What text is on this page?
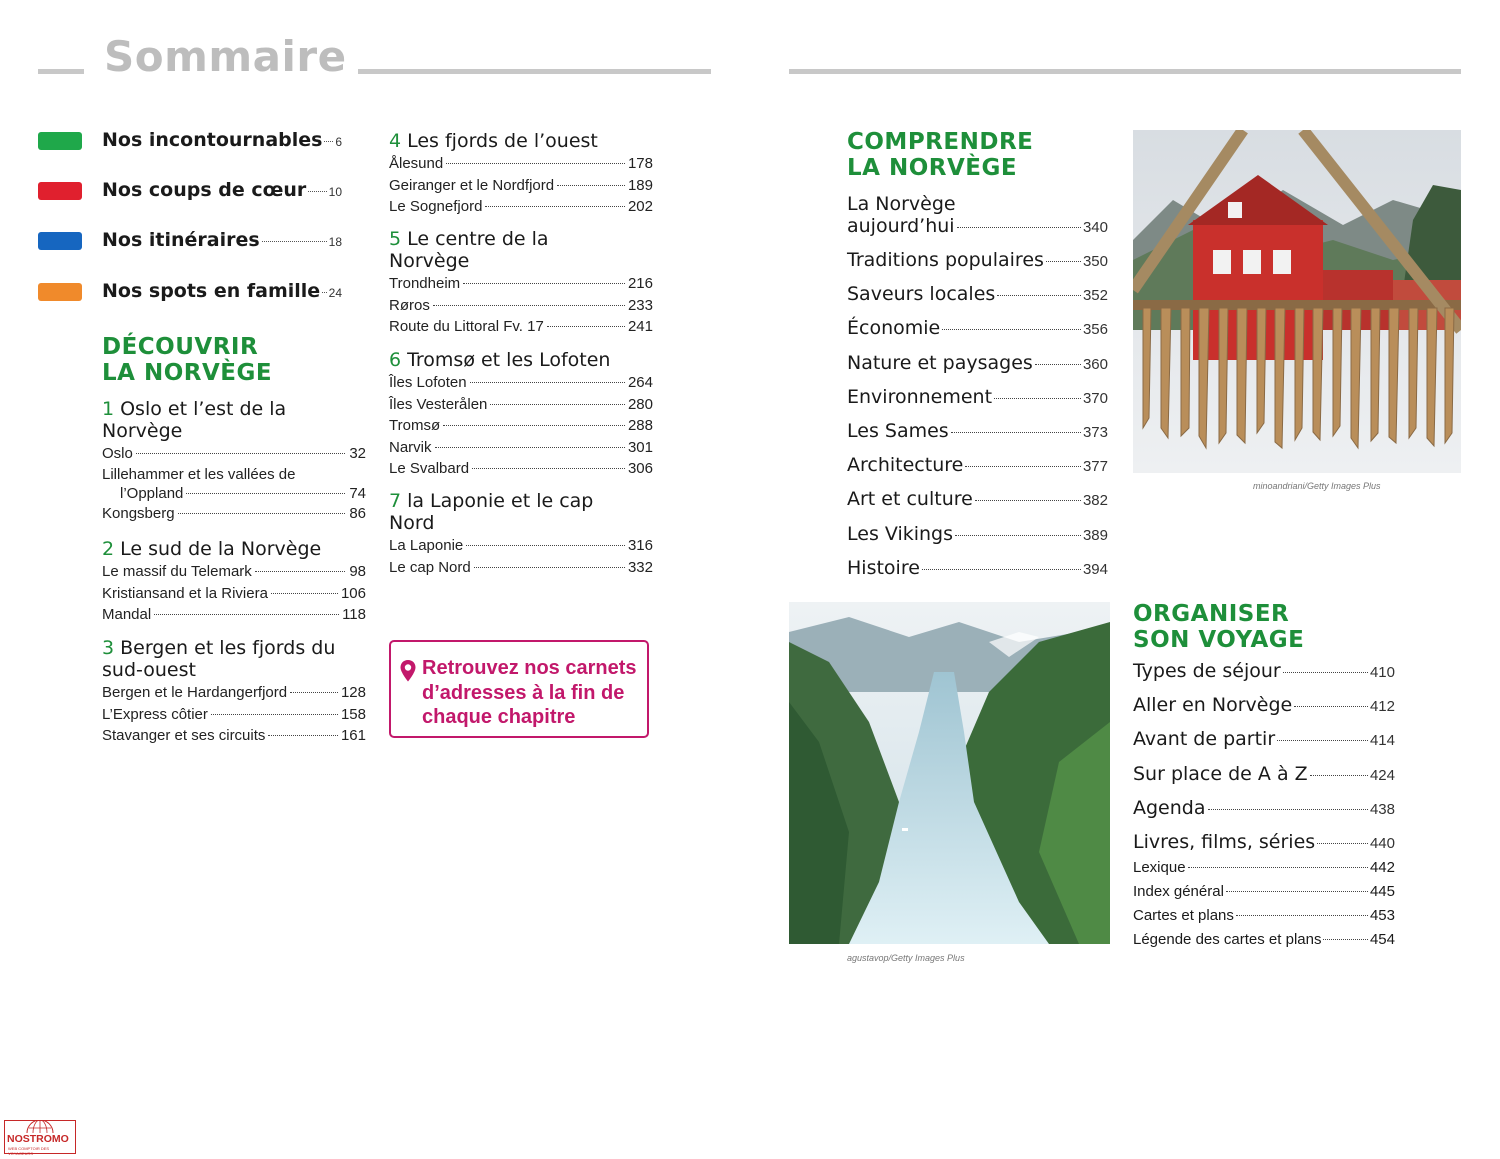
Sommaire
Nos incontournables 6
Nos coups de cœur 10
Nos itinéraires	18
Nos spots en famille 24
DÉCOUVRIR
LA NORVÈGE
1 Oslo et l’est de la
Norvège
Oslo	32
Lillehammer et les vallées de
l’Oppland	74
Kongsberg	86
2 Le sud de la Norvège
Le massif du Telemark	98
Kristiansand et la Riviera	106
Mandal	118
3 Bergen et les fjords du
sud-ouest
Bergen et le Hardangerfjord	128
L’Express côtier	158
Stavanger et ses circuits	161
4 Les fjords de l’ouest
Ålesund	178
Geiranger et le Nordfjord	189
Le Sognefjord	202
5 Le centre de la
Norvège
Trondheim	216
Røros	233
Route du Littoral Fv. 17	241
6 Tromsø et les Lofoten
Îles Lofoten	264
Îles Vesterålen	280
Tromsø	288
Narvik	301
Le Svalbard	306
7 la Laponie et le cap
Nord
La Laponie	316
Le cap Nord	332
Retrouvez nos carnets
d’adresses à la fin de
chaque chapitre
COMPRENDRE
LA NORVÈGE
La Norvège
aujourd’hui	340
Traditions populaires	350
Saveurs locales	352
Économie	356
Nature et paysages	360
Environnement	370
Les Sames	373
Architecture	377
Art et culture	382
Les Vikings	389
Histoire	394
minoandriani/Getty Images Plus
agustavop/Getty Images Plus
ORGANISER
SON VOYAGE
Types de séjour	410
Aller en Norvège	412
Avant de partir	414
Sur place de A à Z	424
Agenda	438
Livres, films, séries	440
Lexique	442
Index général	445
Cartes et plans	453
Légende des cartes et plans	454
NOSTROMO
WEB COMPTOIR DES VOYAGEURS
